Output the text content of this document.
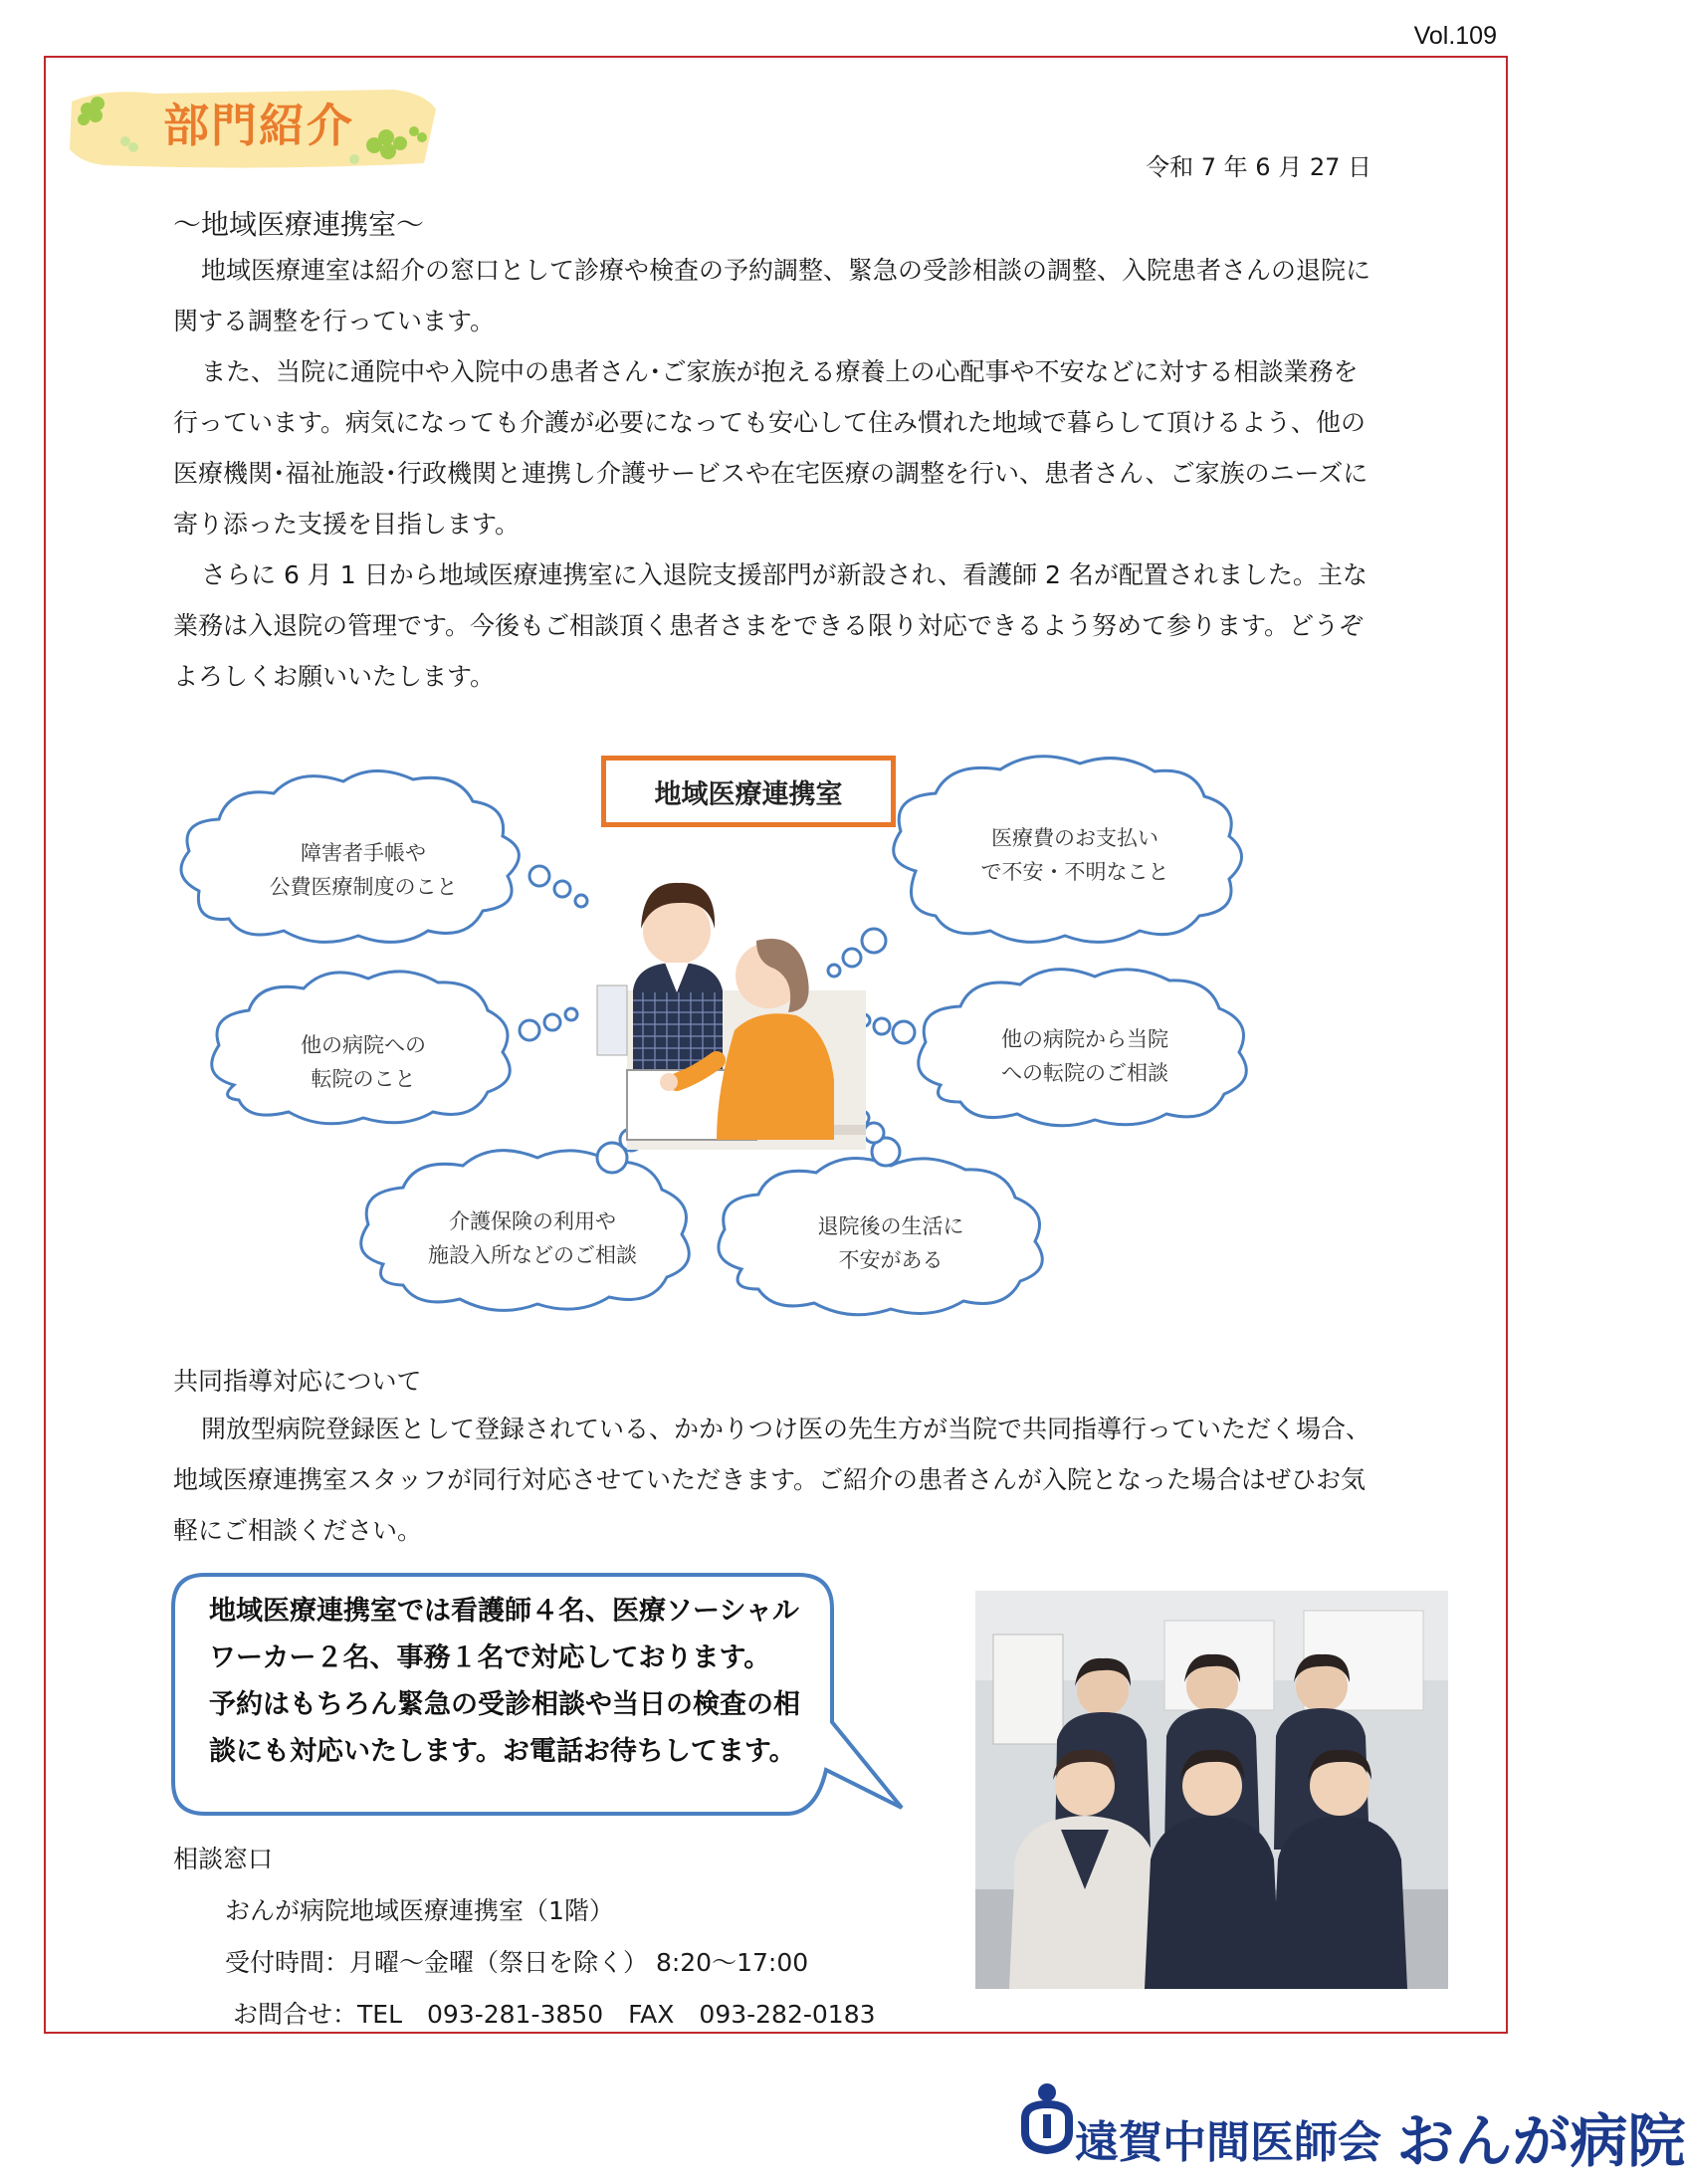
Vol.109
部門紹介
令和 7 年 6 月 27 日
～地域医療連携室～

地域医療連室は紹介の窓口として診療や検査の予約調整、緊急の受診相談の調整、入院患者さんの退院に関する調整を行っています。

また、当院に通院中や入院中の患者さん･ご家族が抱える療養上の心配事や不安などに対する相談業務を行っています。病気になっても介護が必要になっても安心して住み慣れた地域で暮らして頂けるよう、他の医療機関･福祉施設･行政機関と連携し介護サービスや在宅医療の調整を行い、患者さん、ご家族のニーズに寄り添った支援を目指します。

さらに 6 月 1 日から地域医療連携室に入退院支援部門が新設され、看護師 2 名が配置されました。主な業務は入退院の管理です。今後もご相談頂く患者さまをできる限り対応できるよう努めて参ります。どうぞよろしくお願いいたします。

地域医療連携室
障害者手帳や
公費医療制度のこと
医療費のお支払い
で不安・不明なこと
他の病院への
転院のこと
他の病院から当院
への転院のご相談
介護保険の利用や
施設入所などのご相談
退院後の生活に
不安がある
共同指導対応について

開放型病院登録医として登録されている、かかりつけ医の先生方が当院で共同指導行っていただく場合、地域医療連携室スタッフが同行対応させていただきます。ご紹介の患者さんが入院となった場合はぜひお気軽にご相談ください。

地域医療連携室では看護師４名、医療ソーシャル
ワーカー２名、事務１名で対応しております。
予約はもちろん緊急の受診相談や当日の検査の相
談にも対応いたします。お電話お待ちしてます。
相談窓口
おんが病院地域医療連携室（1階）
受付時間：月曜～金曜（祭日を除く） 8:20～17:00
お問合せ：TEL　093-281-3850　FAX　093-282-0183
遠賀中間医師会 おんが病院
